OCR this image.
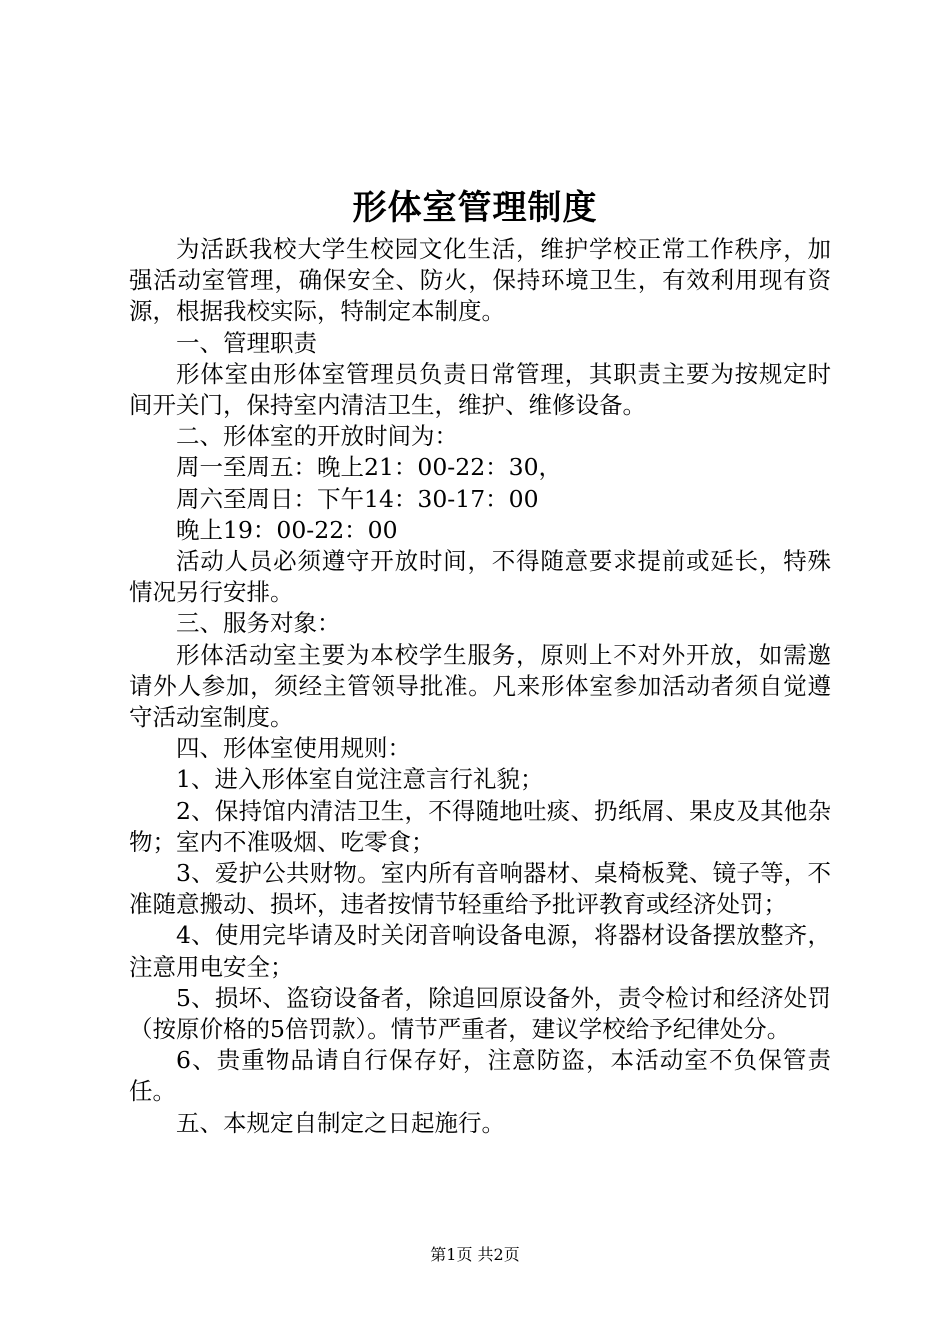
形体室管理制度

为活跃我校大学生校园文化生活，维护学校正常工作秩序，加强活动室管理，确保安全、防火，保持环境卫生，有效利用现有资源，根据我校实际，特制定本制度。

一、管理职责

形体室由形体室管理员负责日常管理，其职责主要为按规定时间开关门，保持室内清洁卫生，维护、维修设备。

二、形体室的开放时间为：

周一至周五：晚上21：00-22：30，

周六至周日：下午14：30-17：00

晚上19：00-22：00

活动人员必须遵守开放时间，不得随意要求提前或延长，特殊情况另行安排。

三、服务对象：

形体活动室主要为本校学生服务，原则上不对外开放，如需邀请外人参加，须经主管领导批准。凡来形体室参加活动者须自觉遵守活动室制度。

四、形体室使用规则：

1、进入形体室自觉注意言行礼貌；

2、保持馆内清洁卫生，不得随地吐痰、扔纸屑、果皮及其他杂物；室内不准吸烟、吃零食；

3、爱护公共财物。室内所有音响器材、桌椅板凳、镜子等，不准随意搬动、损坏，违者按情节轻重给予批评教育或经济处罚；

4、使用完毕请及时关闭音响设备电源，将器材设备摆放整齐，注意用电安全；

5、损坏、盗窃设备者，除追回原设备外，责令检讨和经济处罚（按原价格的5倍罚款）。情节严重者，建议学校给予纪律处分。

6、贵重物品请自行保存好，注意防盗，本活动室不负保管责任。

五、本规定自制定之日起施行。

第1页 共2页
